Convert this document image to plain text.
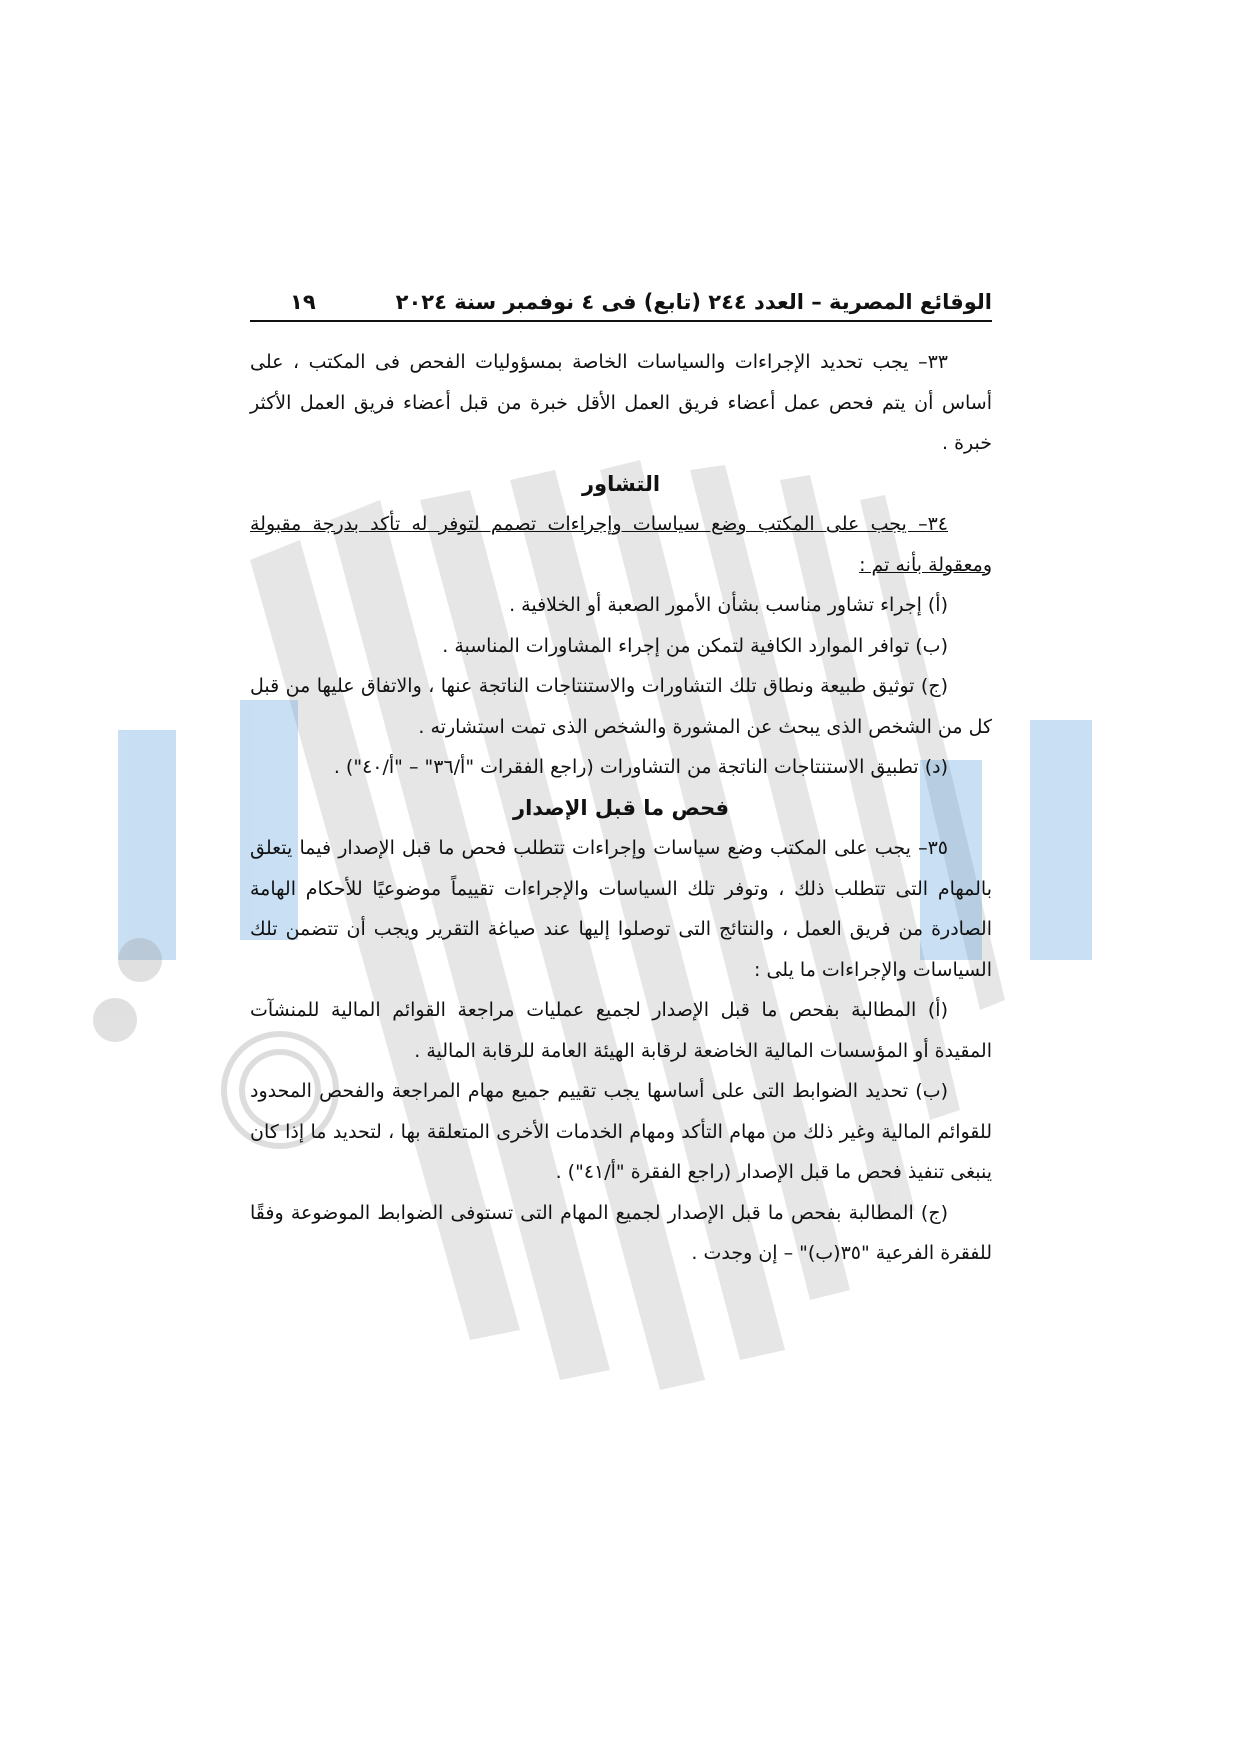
الوقائع المصرية – العدد ٢٤٤ (تابع) فى ٤ نوفمبر سنة ٢٠٢٤
١٩

٣٣– يجب تحديد الإجراءات والسياسات الخاصة بمسؤوليات الفحص فى المكتب ، على أساس أن يتم فحص عمل أعضاء فريق العمل الأقل خبرة من قبل أعضاء فريق العمل الأكثر خبرة .

التشاور

٣٤– يجب على المكتب وضع سياسات وإجراءات تصمم لتوفر له تأكد بدرجة مقبولة ومعقولة بأنه تم :

(أ) إجراء تشاور مناسب بشأن الأمور الصعبة أو الخلافية .

(ب) توافر الموارد الكافية لتمكن من إجراء المشاورات المناسبة .

(ج) توثيق طبيعة ونطاق تلك التشاورات والاستنتاجات الناتجة عنها ، والاتفاق عليها من قبل كل من الشخص الذى يبحث عن المشورة والشخص الذى تمت استشارته .

(د) تطبيق الاستنتاجات الناتجة من التشاورات (راجع الفقرات "أ/٣٦" – "أ/٤٠") .

فحص ما قبل الإصدار

٣٥– يجب على المكتب وضع سياسات وإجراءات تتطلب فحص ما قبل الإصدار فيما يتعلق بالمهام التى تتطلب ذلك ، وتوفر تلك السياسات والإجراءات تقييماً موضوعيًا للأحكام الهامة الصادرة من فريق العمل ، والنتائج التى توصلوا إليها عند صياغة التقرير ويجب أن تتضمن تلك السياسات والإجراءات ما يلى :

(أ) المطالبة بفحص ما قبل الإصدار لجميع عمليات مراجعة القوائم المالية للمنشآت المقيدة أو المؤسسات المالية الخاضعة لرقابة الهيئة العامة للرقابة المالية .

(ب) تحديد الضوابط التى على أساسها يجب تقييم جميع مهام المراجعة والفحص المحدود للقوائم المالية وغير ذلك من مهام التأكد ومهام الخدمات الأخرى المتعلقة بها ، لتحديد ما إذا كان ينبغى تنفيذ فحص ما قبل الإصدار (راجع الفقرة "أ/٤١") .

(ج) المطالبة بفحص ما قبل الإصدار لجميع المهام التى تستوفى الضوابط الموضوعة وفقًا للفقرة الفرعية "٣٥(ب)" – إن وجدت .
